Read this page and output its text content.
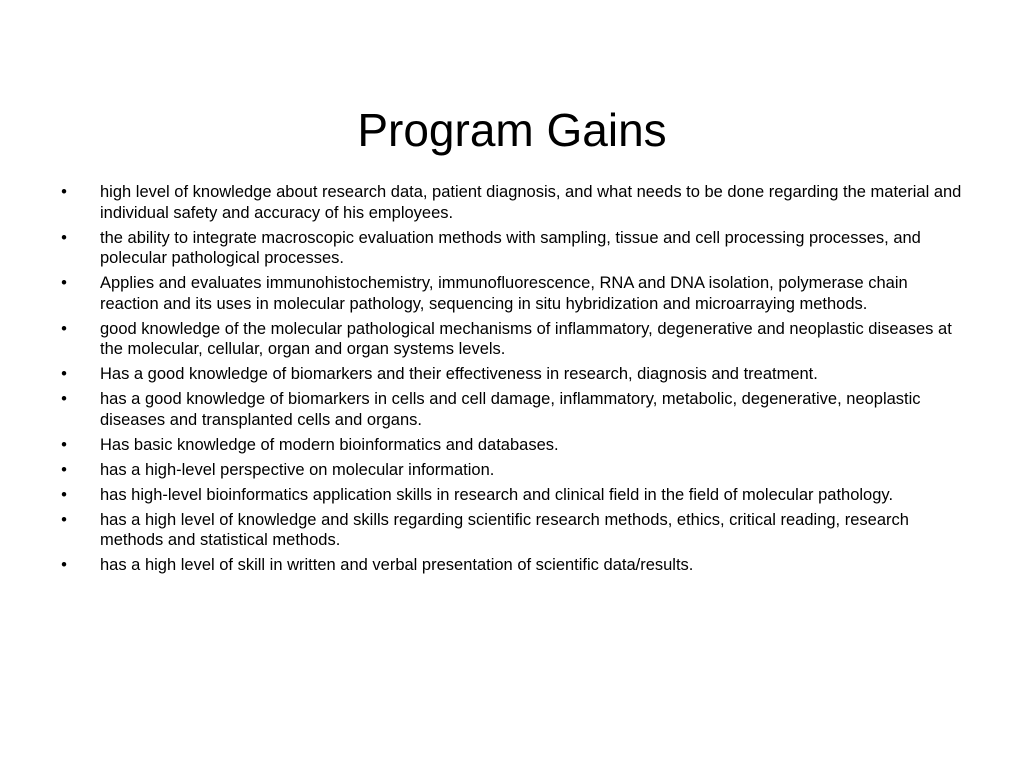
Program Gains
• high level of knowledge about research data, patient diagnosis, and what needs to be done regarding the material and individual safety and accuracy of his employees.
• the ability to integrate macroscopic evaluation methods with sampling, tissue and cell processing processes, and polecular pathological processes.
• Applies and evaluates immunohistochemistry, immunofluorescence, RNA and DNA isolation, polymerase chain reaction and its uses in molecular pathology, sequencing in situ hybridization and microarraying methods.
• good knowledge of the molecular pathological mechanisms of inflammatory, degenerative and neoplastic diseases at the molecular, cellular, organ and organ systems levels.
• Has a good knowledge of biomarkers and their effectiveness in research, diagnosis and treatment.
• has a good knowledge of biomarkers in cells and cell damage, inflammatory, metabolic, degenerative, neoplastic diseases and transplanted cells and organs.
• Has basic knowledge of modern bioinformatics and databases.
• has a high-level perspective on molecular information.
• has high-level bioinformatics application skills in research and clinical field in the field of molecular pathology.
• has a high level of knowledge and skills regarding scientific research methods, ethics, critical reading, research methods and statistical methods.
• has a high level of skill in written and verbal presentation of scientific data/results.
